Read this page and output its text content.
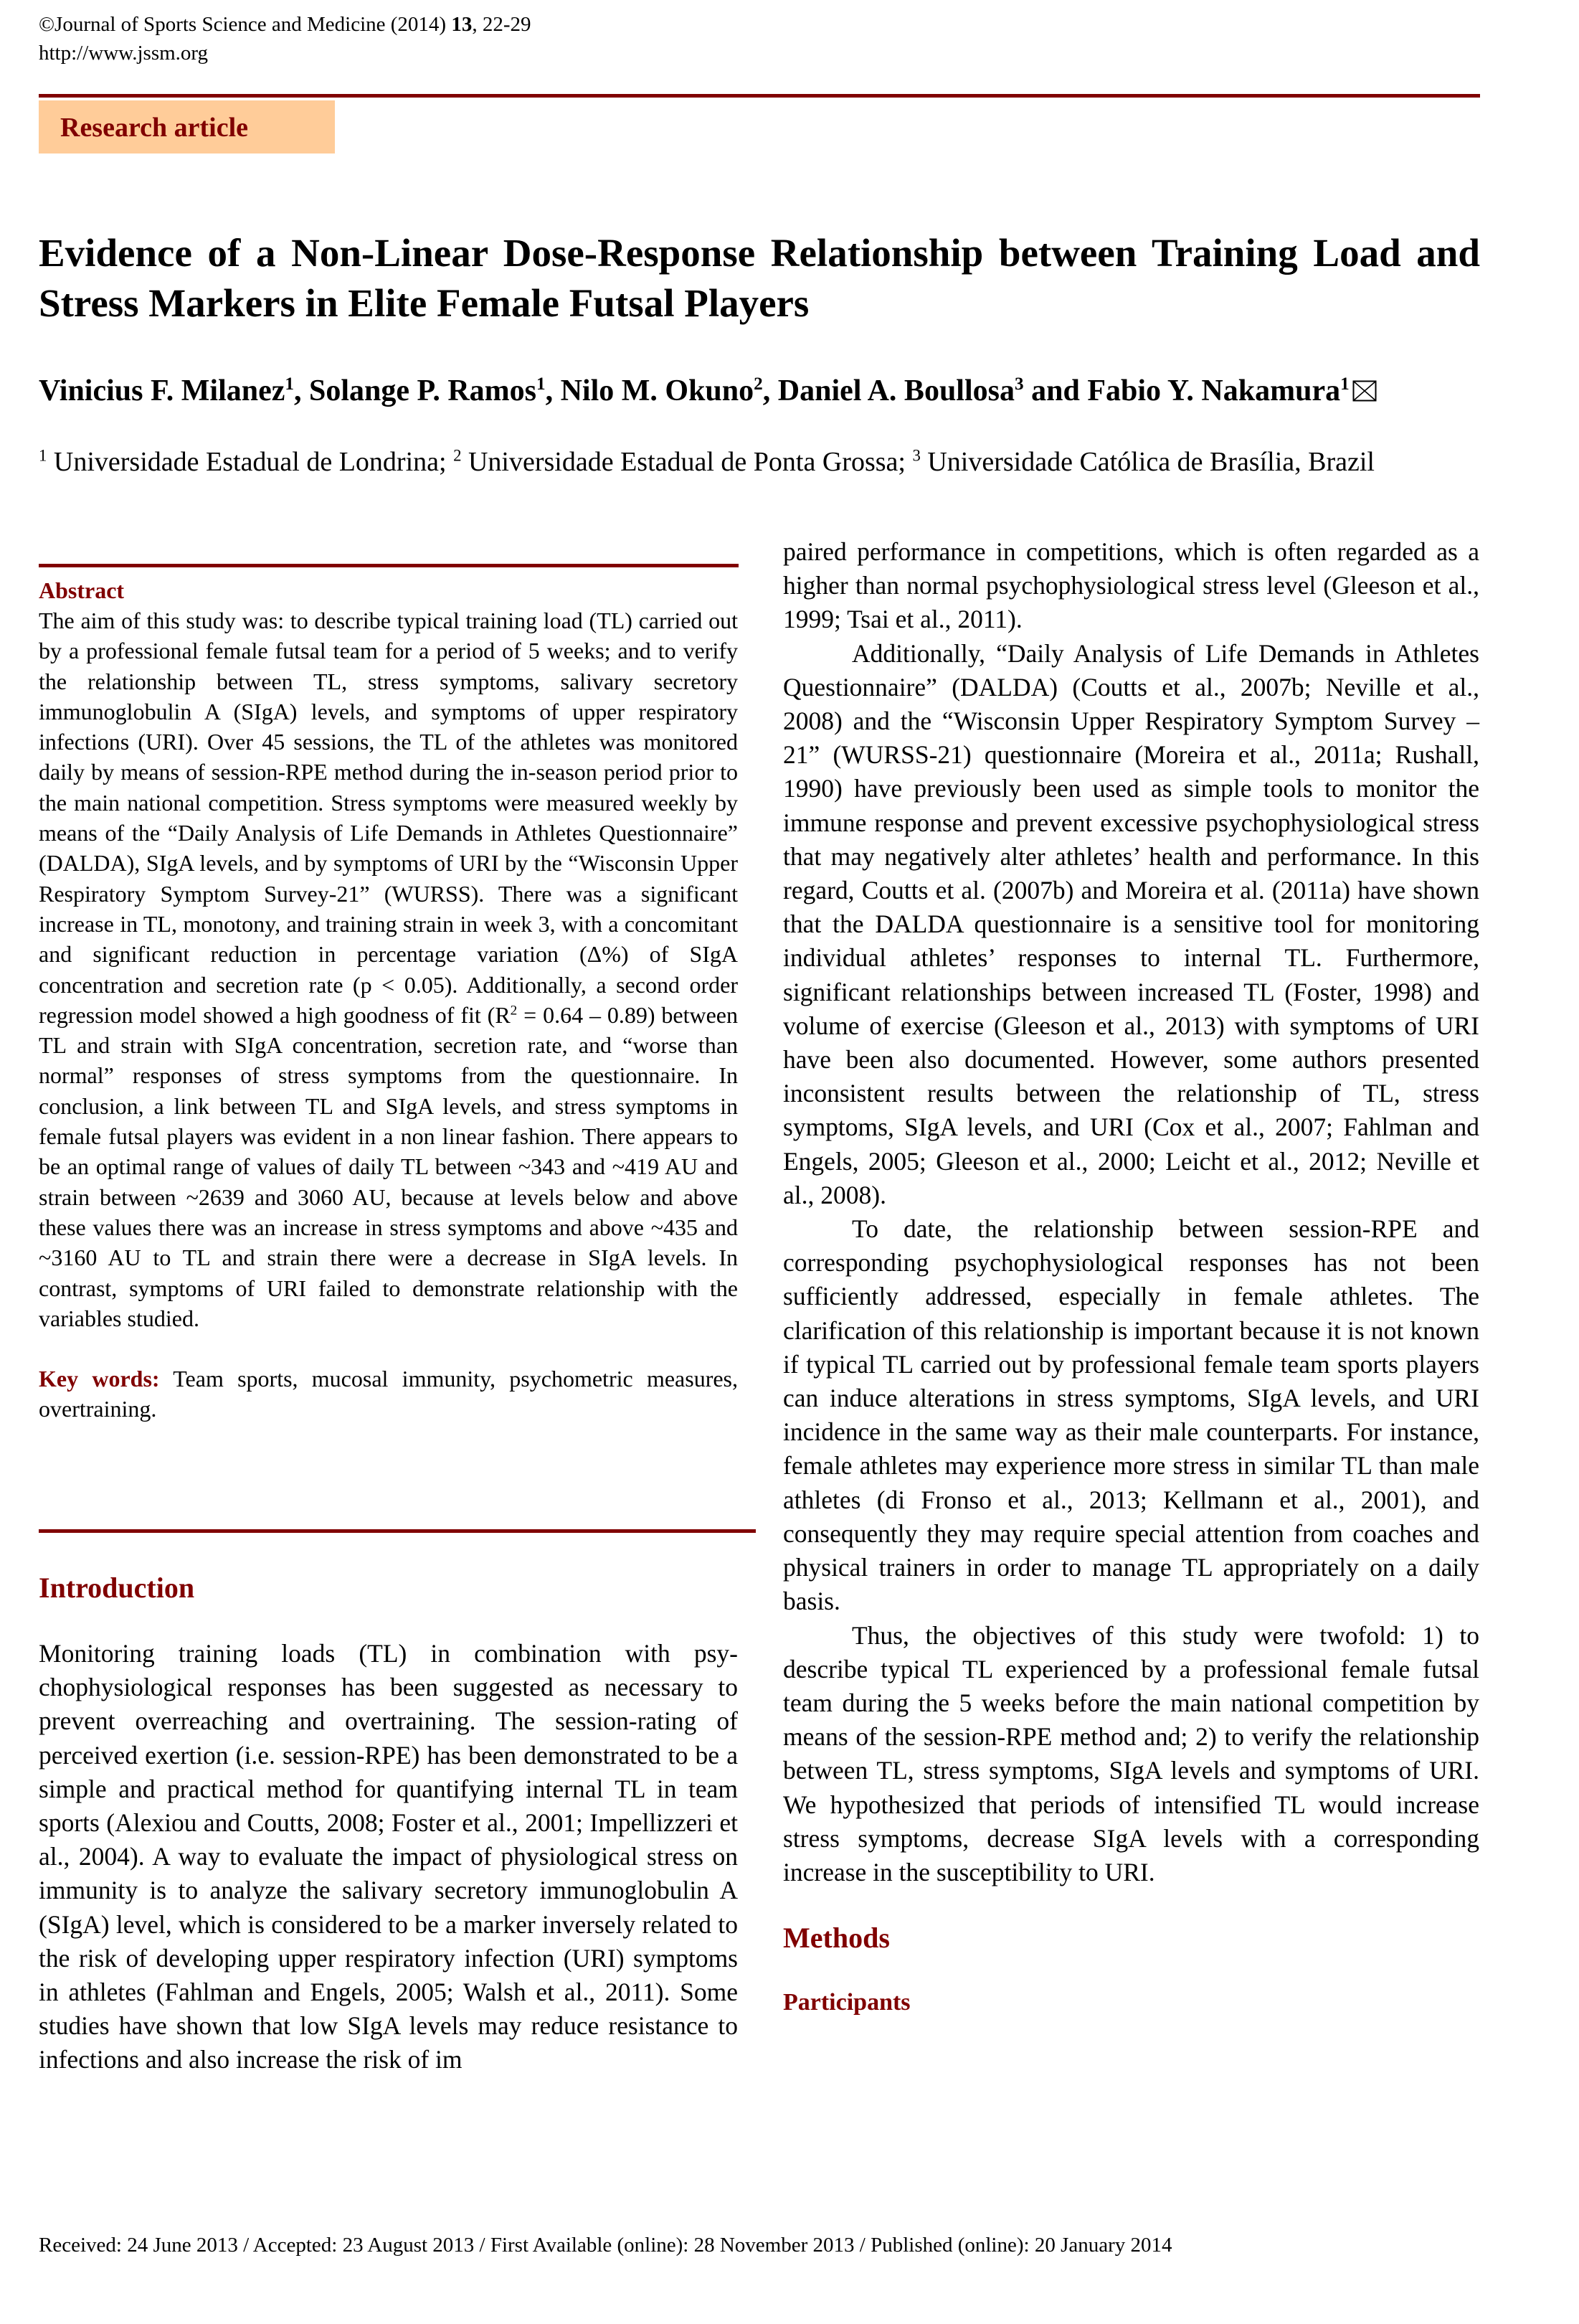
©Journal of Sports Science and Medicine (2014) 13, 22-29
http://www.jssm.org
Research article
Evidence of a Non-Linear Dose-Response Relationship between Training Load and Stress Markers in Elite Female Futsal Players
Vinicius F. Milanez$^1$, Solange P. Ramos$^1$, Nilo M. Okuno$^2$, Daniel A. Boullosa$^3$ and Fabio Y. Nakamura$^1$
$^1$ Universidade Estadual de Londrina; $^2$ Universidade Estadual de Ponta Grossa; $^3$ Universidade Católica de Brasília, Brazil
Abstract
The aim of this study was: to describe typical training load (TL) carried out by a professional female futsal team for a period of 5 weeks; and to verify the relationship between TL, stress symptoms, salivary secretory immunoglobulin A (SIgA) levels, and symptoms of upper respiratory infections (URI). Over 45 sessions, the TL of the athletes was monitored daily by means of session-RPE method during the in-season period prior to the main national competition. Stress symptoms were measured weekly by means of the “Daily Analysis of Life Demands in Athletes Questionnaire” (DALDA), SIgA levels, and by symptoms of URI by the “Wisconsin Upper Respiratory Symptom Survey-21” (WURSS). There was a significant increase in TL, monotony, and training strain in week 3, with a concomitant and significant reduction in percentage variation (Δ%) of SIgA concentration and secretion rate (p < 0.05). Additionally, a second order regression model showed a high goodness of fit $(R^2 = 0.64 - 0.89)$ between TL and strain with SIgA concentration, secretion rate, and “worse than normal” responses of stress symptoms from the questionnaire. In conclusion, a link between TL and SIgA levels, and stress symptoms in female futsal players was evident in a non linear fashion. There appears to be an optimal range of values of daily TL between ~343 and ~419 AU and strain between ~2639 and 3060 AU, because at levels below and above these values there was an increase in stress symptoms and above ~435 and ~3160 AU to TL and strain there were a decrease in SIgA levels. In contrast, symptoms of URI failed to demonstrate relationship with the variables studied.
Key words: Team sports, mucosal immunity, psychometric measures, overtraining.
Introduction
Monitoring training loads (TL) in combination with psychophysiological responses has been suggested as necessary to prevent overreaching and overtraining. The session-rating of perceived exertion (i.e. session-RPE) has been demonstrated to be a simple and practical method for quantifying internal TL in team sports (Alexiou and Coutts, 2008; Foster et al., 2001; Impellizzeri et al., 2004). A way to evaluate the impact of physiological stress on immunity is to analyze the salivary secretory immunoglobulin A (SIgA) level, which is considered to be a marker inversely related to the risk of developing upper respiratory infection (URI) symptoms in athletes (Fahlman and Engels, 2005; Walsh et al., 2011). Some studies have shown that low SIgA levels may reduce resistance to infections and also increase the risk of im

paired performance in competitions, which is often regarded as a higher than normal psychophysiological stress level (Gleeson et al., 1999; Tsai et al., 2011).

Additionally, “Daily Analysis of Life Demands in Athletes Questionnaire” (DALDA) (Coutts et al., 2007b; Neville et al., 2008) and the “Wisconsin Upper Respiratory Symptom Survey – 21” (WURSS-21) questionnaire (Moreira et al., 2011a; Rushall, 1990) have previously been used as simple tools to monitor the immune response and prevent excessive psychophysiological stress that may negatively alter athletes’ health and performance. In this regard, Coutts et al. (2007b) and Moreira et al. (2011a) have shown that the DALDA questionnaire is a sensitive tool for monitoring individual athletes’ responses to internal TL. Furthermore, significant relationships between increased TL (Foster, 1998) and volume of exercise (Gleeson et al., 2013) with symptoms of URI have been also documented. However, some authors presented inconsistent results between the relationship of TL, stress symptoms, SIgA levels, and URI (Cox et al., 2007; Fahlman and Engels, 2005; Gleeson et al., 2000; Leicht et al., 2012; Neville et al., 2008).

To date, the relationship between session-RPE and corresponding psychophysiological responses has not been sufficiently addressed, especially in female athletes. The clarification of this relationship is important because it is not known if typical TL carried out by professional female team sports players can induce alterations in stress symptoms, SIgA levels, and URI incidence in the same way as their male counterparts. For instance, female athletes may experience more stress in similar TL than male athletes (di Fronso et al., 2013; Kellmann et al., 2001), and consequently they may require special attention from coaches and physical trainers in order to manage TL appropriately on a daily basis.

Thus, the objectives of this study were twofold: 1) to describe typical TL experienced by a professional female futsal team during the 5 weeks before the main national competition by means of the session-RPE method and; 2) to verify the relationship between TL, stress symptoms, SIgA levels and symptoms of URI. We hypothesized that periods of intensified TL would increase stress symptoms, decrease SIgA levels with a corresponding increase in the susceptibility to URI.

Methods
Participants
Received: 24 June 2013 / Accepted: 23 August 2013 / First Available (online): 28 November 2013 / Published (online): 20 January 2014
